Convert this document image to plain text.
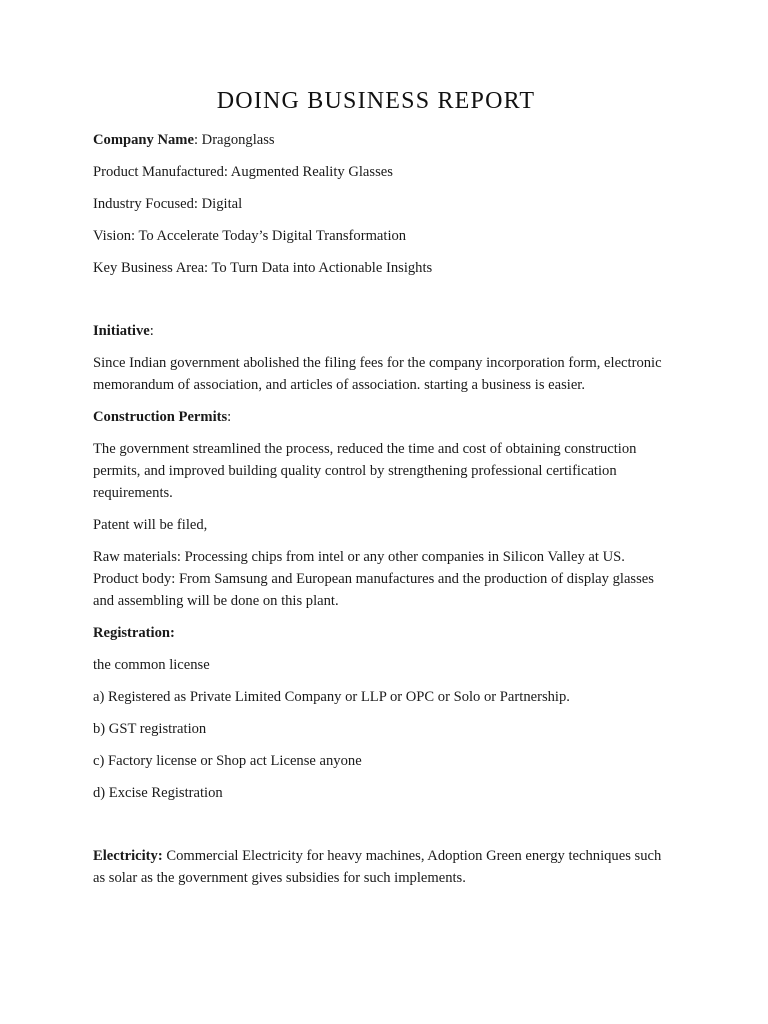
DOING BUSINESS REPORT

Company Name: Dragonglass

Product Manufactured: Augmented Reality Glasses

Industry Focused: Digital

Vision: To Accelerate Today’s Digital Transformation

Key Business Area: To Turn Data into Actionable Insights

Initiative:

Since Indian government abolished the filing fees for the company incorporation form, electronic memorandum of association, and articles of association. starting a business is easier.

Construction Permits:

The government streamlined the process, reduced the time and cost of obtaining construction permits, and improved building quality control by strengthening professional certification requirements.

Patent will be filed,

Raw materials: Processing chips from intel or any other companies in Silicon Valley at US. Product body: From Samsung and European manufactures and the production of display glasses and assembling will be done on this plant.

Registration:

the common license

a) Registered as Private Limited Company or LLP or OPC or Solo or Partnership.

b) GST registration

c) Factory license or Shop act License anyone

d) Excise Registration

Electricity: Commercial Electricity for heavy machines, Adoption Green energy techniques such as solar as the government gives subsidies for such implements.
